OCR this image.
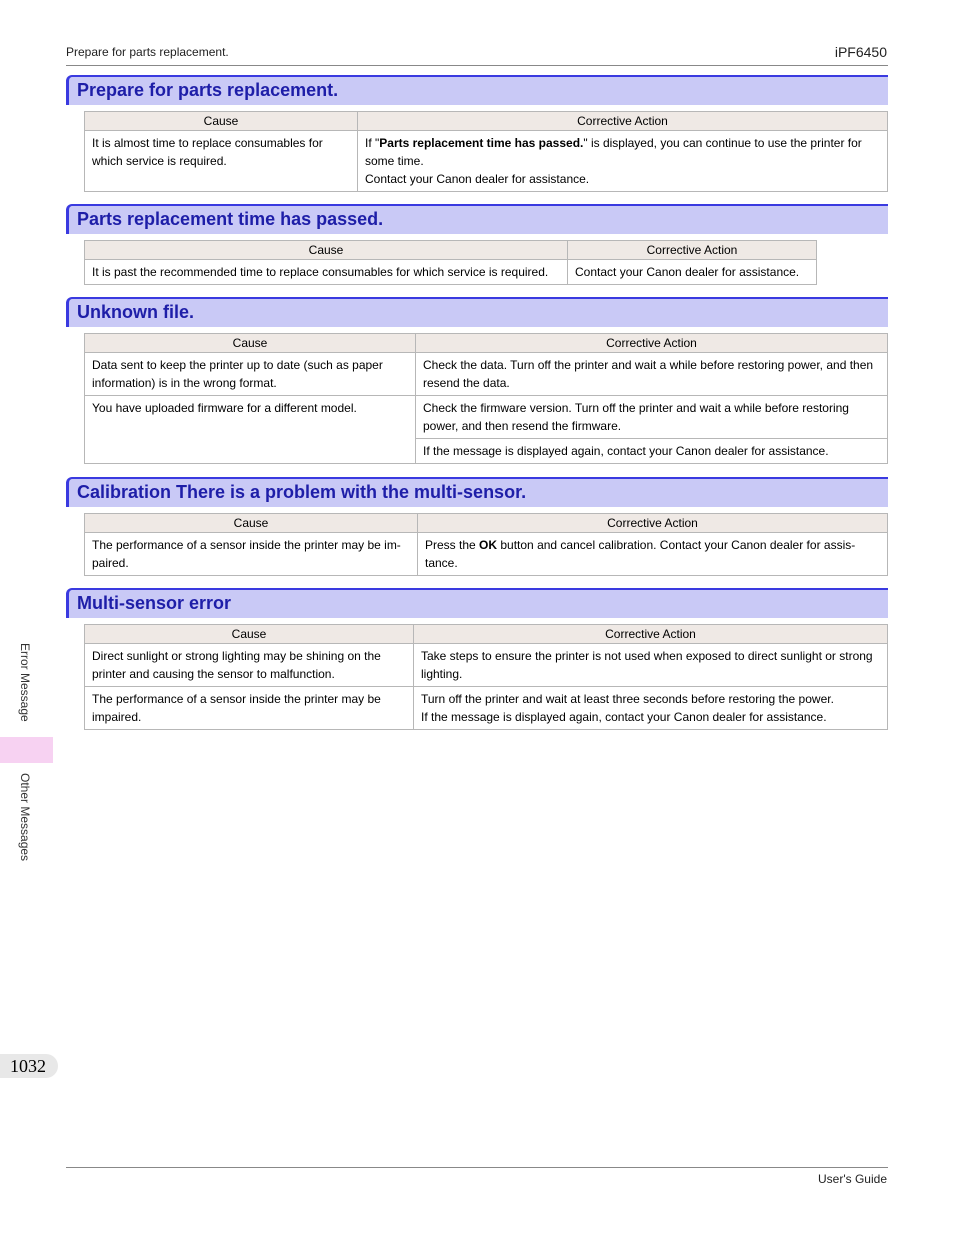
Prepare for parts replacement.	iPF6450
Prepare for parts replacement.
Cause	Corrective Action
It is almost time to replace consumables for which service is required.	If "Parts replacement time has passed." is displayed, you can continue to use the printer for some time.
Contact your Canon dealer for assistance.
Parts replacement time has passed.
Cause	Corrective Action
It is past the recommended time to replace consumables for which service is required.	Contact your Canon dealer for assistance.
Unknown file.
Cause	Corrective Action
Data sent to keep the printer up to date (such as paper information) is in the wrong format.	Check the data. Turn off the printer and wait a while before restoring power, and then resend the data.
You have uploaded firmware for a different model.	Check the firmware version. Turn off the printer and wait a while before restoring power, and then resend the firmware.
	If the message is displayed again, contact your Canon dealer for assistance.
Calibration There is a problem with the multi-sensor.
Cause	Corrective Action
The performance of a sensor inside the printer may be im-paired.	Press the OK button and cancel calibration. Contact your Canon dealer for assis-tance.
Multi-sensor error
Cause	Corrective Action
Direct sunlight or strong lighting may be shining on the printer and causing the sensor to malfunction.	Take steps to ensure the printer is not used when exposed to direct sunlight or strong lighting.
The performance of a sensor inside the printer may be impaired.	Turn off the printer and wait at least three seconds before restoring the power.
If the message is displayed again, contact your Canon dealer for assistance.
Error Message
Other Messages
1032
User's Guide
